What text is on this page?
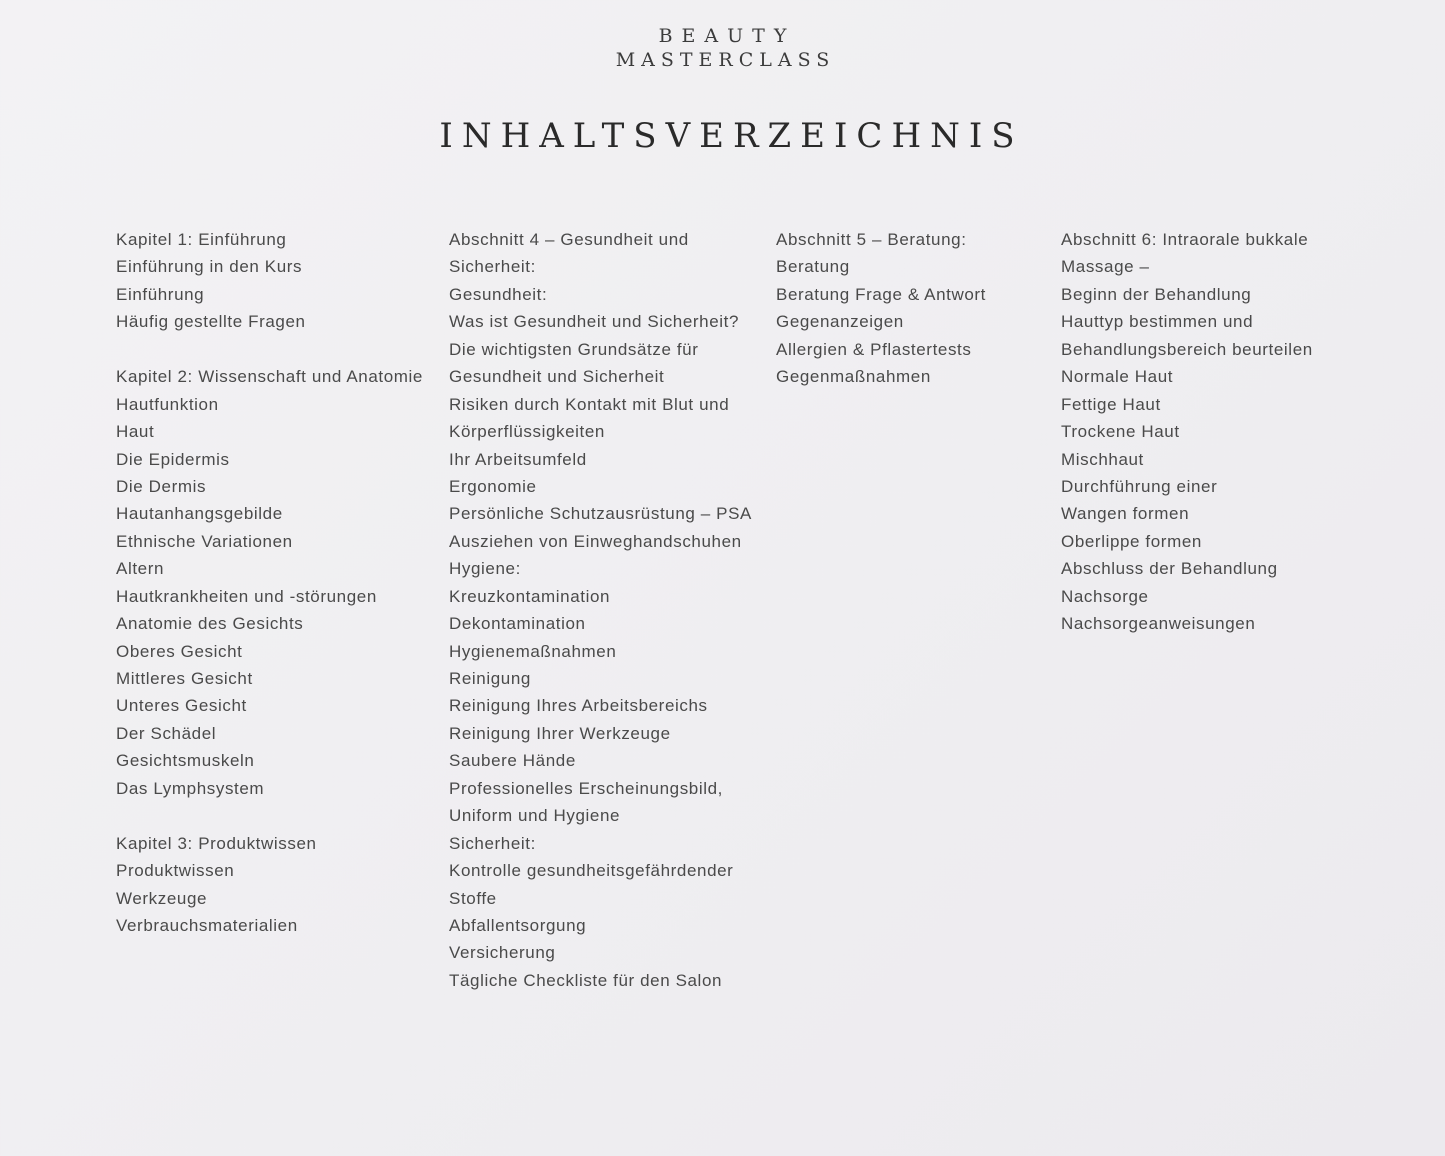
BEAUTY
MASTERCLASS
INHALTSVERZEICHNIS
Kapitel 1: Einführung
Einführung in den Kurs
Einführung
Häufig gestellte Fragen
Kapitel 2: Wissenschaft und Anatomie
Hautfunktion
Haut
Die Epidermis
Die Dermis
Hautanhangsgebilde
Ethnische Variationen
Altern
Hautkrankheiten und -störungen
Anatomie des Gesichts
Oberes Gesicht
Mittleres Gesicht
Unteres Gesicht
Der Schädel
Gesichtsmuskeln
Das Lymphsystem
Kapitel 3: Produktwissen
Produktwissen
Werkzeuge
Verbrauchsmaterialien
Abschnitt 4 – Gesundheit und
Sicherheit:
Gesundheit:
Was ist Gesundheit und Sicherheit?
Die wichtigsten Grundsätze für
Gesundheit und Sicherheit
Risiken durch Kontakt mit Blut und
Körperflüssigkeiten
Ihr Arbeitsumfeld
Ergonomie
Persönliche Schutzausrüstung – PSA
Ausziehen von Einweghandschuhen
Hygiene:
Kreuzkontamination
Dekontamination
Hygienemaßnahmen
Reinigung
Reinigung Ihres Arbeitsbereichs
Reinigung Ihrer Werkzeuge
Saubere Hände
Professionelles Erscheinungsbild,
Uniform und Hygiene
Sicherheit:
Kontrolle gesundheitsgefährdender
Stoffe
Abfallentsorgung
Versicherung
Tägliche Checkliste für den Salon
Abschnitt 5 – Beratung:
Beratung
Beratung Frage & Antwort
Gegenanzeigen
Allergien & Pflastertests
Gegenmaßnahmen
Abschnitt 6: Intraorale bukkale
Massage –
Beginn der Behandlung
Hauttyp bestimmen und
Behandlungsbereich beurteilen
Normale Haut
Fettige Haut
Trockene Haut
Mischhaut
Durchführung einer
Wangen formen
Oberlippe formen
Abschluss der Behandlung
Nachsorge
Nachsorgeanweisungen
